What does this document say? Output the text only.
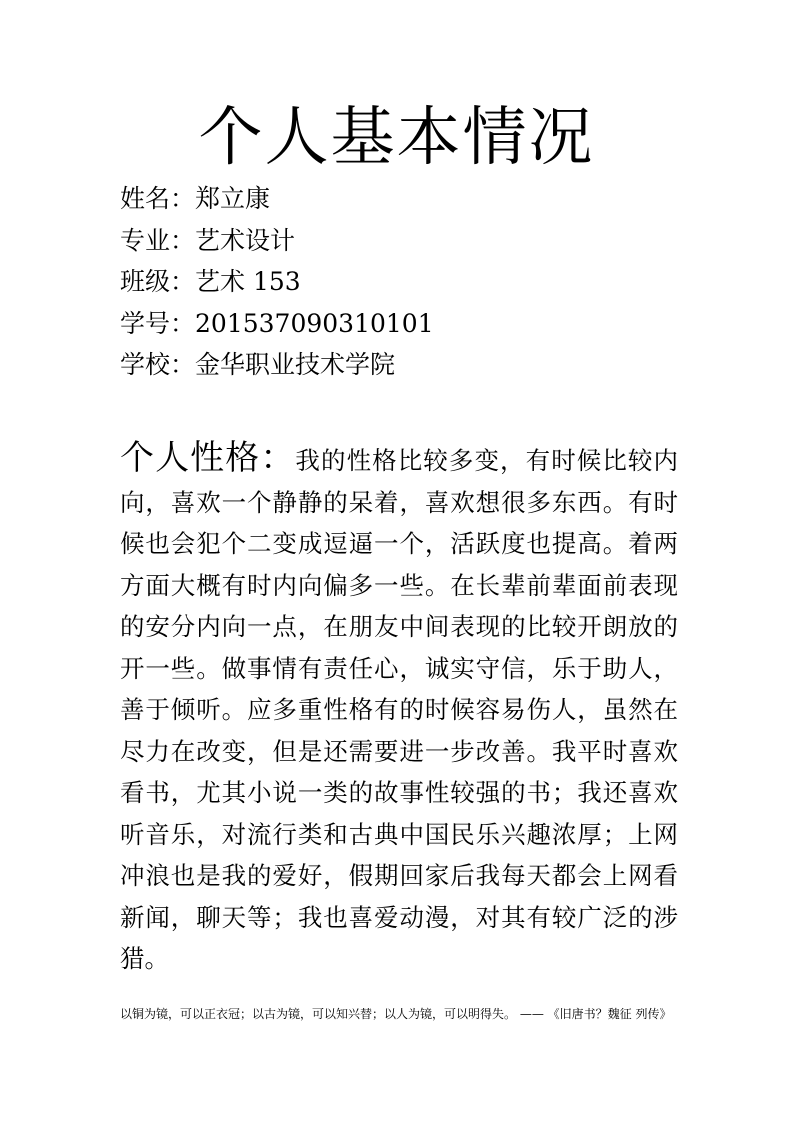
个人基本情况
姓名：郑立康
专业：艺术设计
班级：艺术 153
学号：201537090310101
学校：金华职业技术学院

个人性格：我的性格比较多变，有时候比较内向，喜欢一个静静的呆着，喜欢想很多东西。有时候也会犯个二变成逗逼一个，活跃度也提高。着两方面大概有时内向偏多一些。在长辈前辈面前表现的安分内向一点，在朋友中间表现的比较开朗放的开一些。做事情有责任心，诚实守信，乐于助人，善于倾听。应多重性格有的时候容易伤人，虽然在尽力在改变，但是还需要进一步改善。我平时喜欢看书，尤其小说一类的故事性较强的书；我还喜欢听音乐，对流行类和古典中国民乐兴趣浓厚；上网冲浪也是我的爱好，假期回家后我每天都会上网看新闻，聊天等；我也喜爱动漫，对其有较广泛的涉猎。

以铜为镜，可以正衣冠；以古为镜，可以知兴替；以人为镜，可以明得失。 —— 《旧唐书？魏征 列传》
